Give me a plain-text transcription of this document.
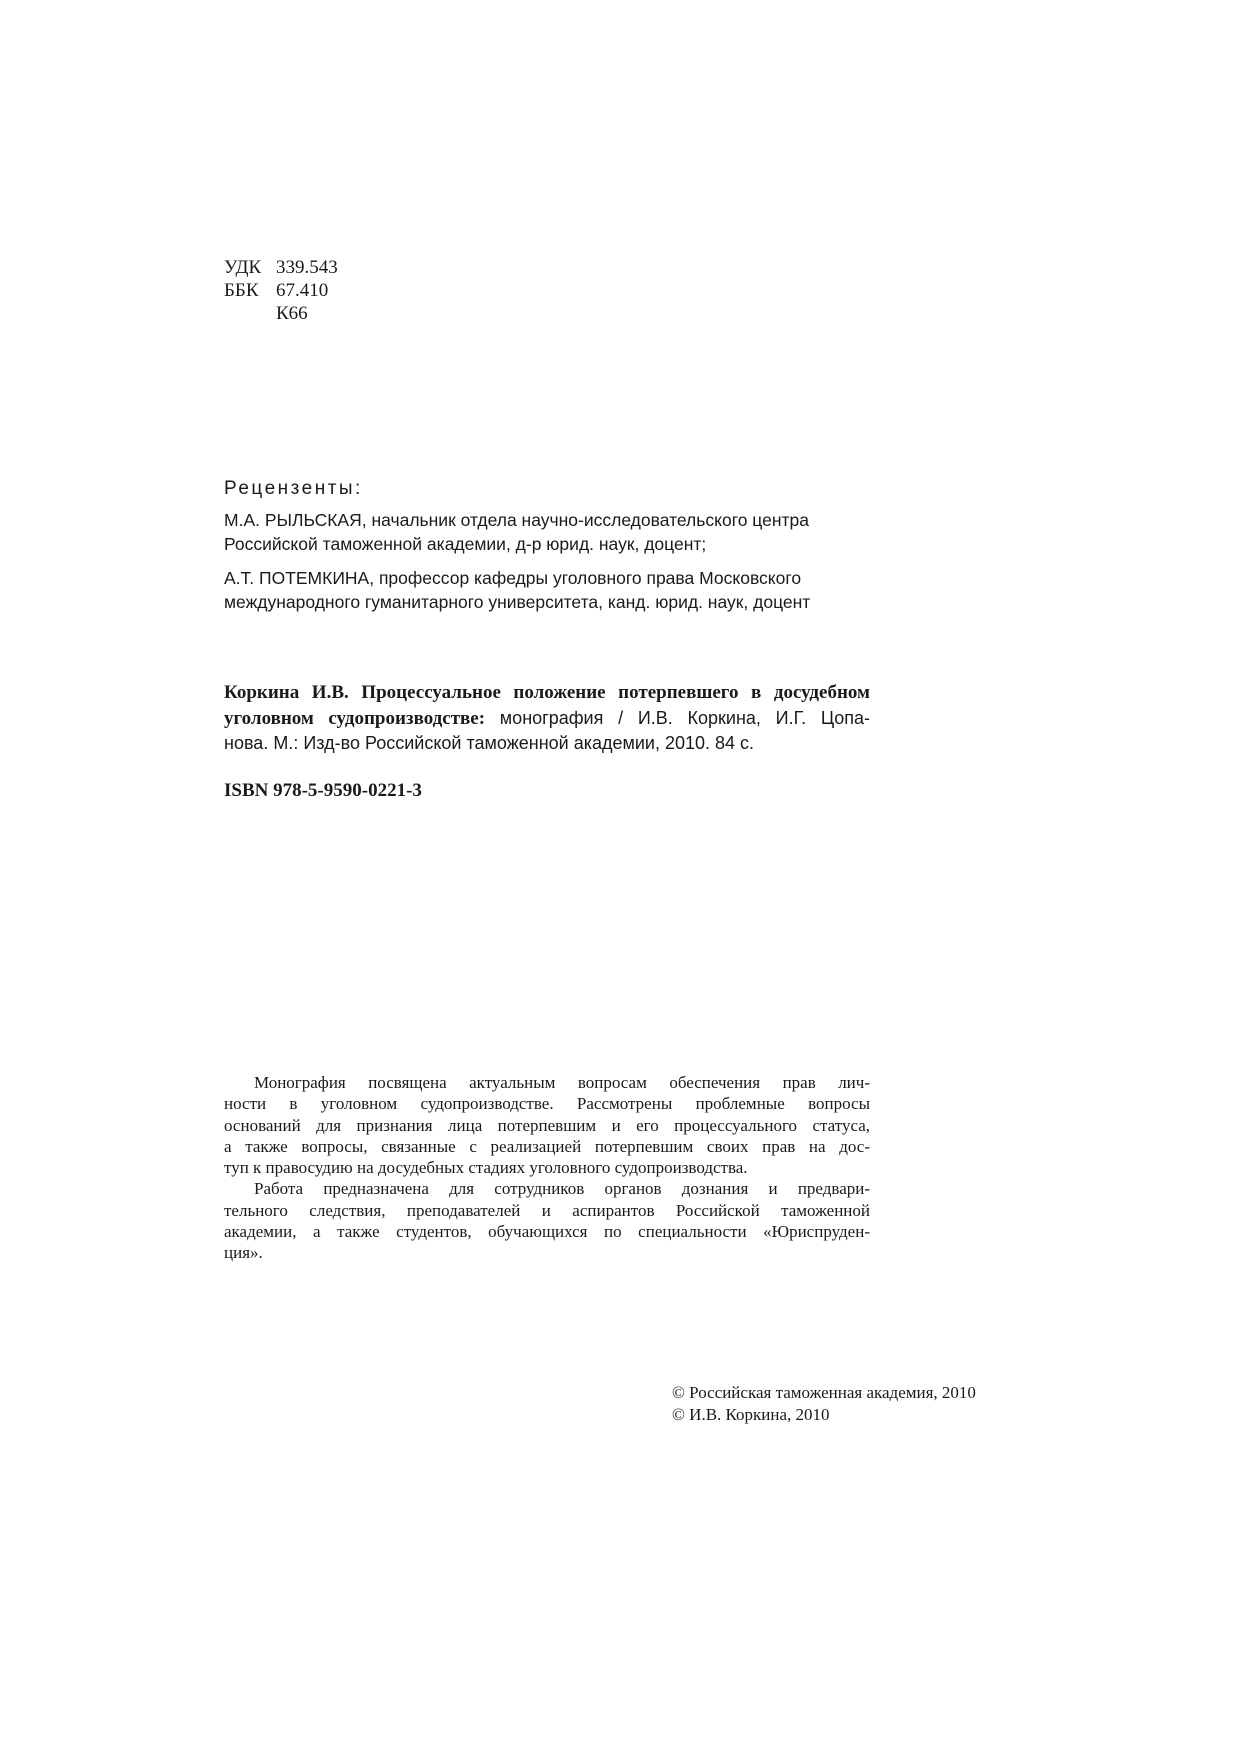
УДК 339.543
ББК 67.410
К66
Рецензенты:
М.А. РЫЛЬСКАЯ, начальник отдела научно-исследовательского центра
Российской таможенной академии, д-р юрид. наук, доцент;
А.Т. ПОТЕМКИНА, профессор кафедры уголовного права Московского
международного гуманитарного университета, канд. юрид. наук, доцент
Коркина И.В. Процессуальное положение потерпевшего в досудебном
уголовном судопроизводстве: монография / И.В. Коркина, И.Г. Цопа-
нова. М.: Изд-во Российской таможенной академии, 2010. 84 с.
ISBN 978-5-9590-0221-3
Монография посвящена актуальным вопросам обеспечения прав лич-
ности в уголовном судопроизводстве. Рассмотрены проблемные вопросы
оснований для признания лица потерпевшим и его процессуального статуса,
а также вопросы, связанные с реализацией потерпевшим своих прав на дос-
туп к правосудию на досудебных стадиях уголовного судопроизводства.
Работа предназначена для сотрудников органов дознания и предвари-
тельного следствия, преподавателей и аспирантов Российской таможенной
академии, а также студентов, обучающихся по специальности «Юриспруден-
ция».
© Российская таможенная академия, 2010
© И.В. Коркина, 2010
